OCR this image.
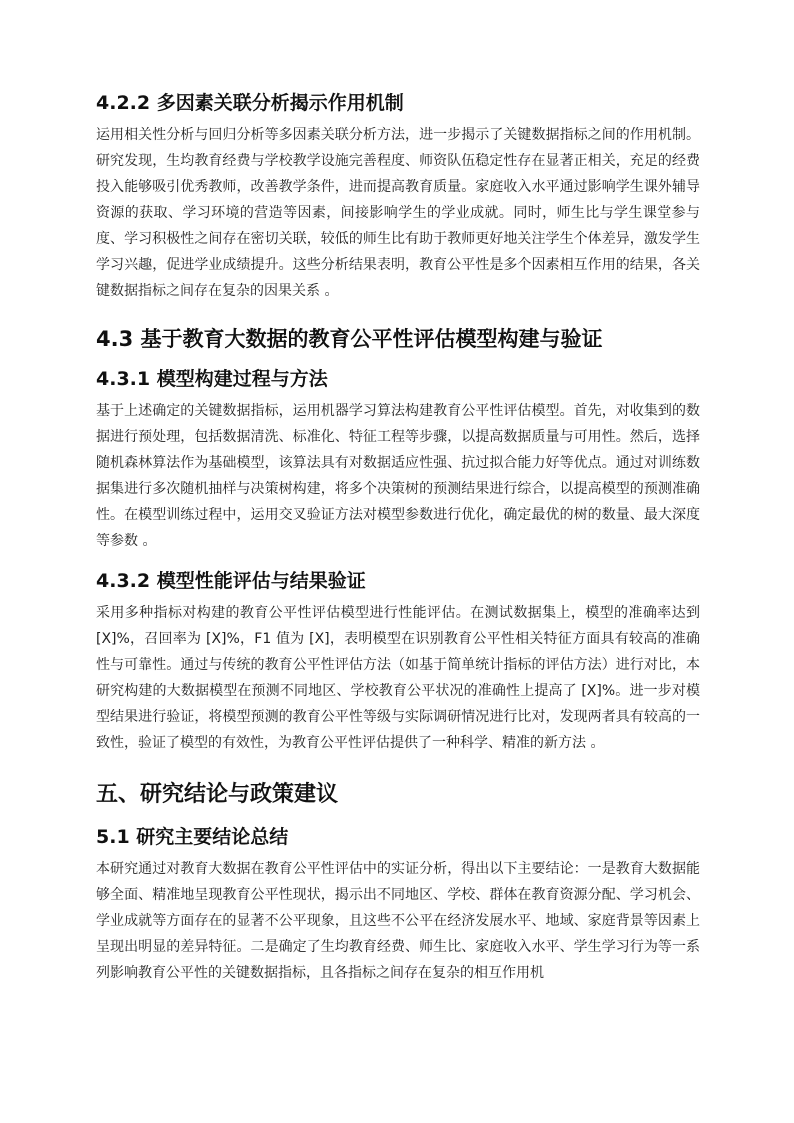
4.2.2 多因素关联分析揭示作用机制

运用相关性分析与回归分析等多因素关联分析方法，进一步揭示了关键数据指标之间的作用机制。研究发现，生均教育经费与学校教学设施完善程度、师资队伍稳定性存在显著正相关，充足的经费投入能够吸引优秀教师，改善教学条件，进而提高教育质量。家庭收入水平通过影响学生课外辅导资源的获取、学习环境的营造等因素，间接影响学生的学业成就。同时，师生比与学生课堂参与度、学习积极性之间存在密切关联，较低的师生比有助于教师更好地关注学生个体差异，激发学生学习兴趣，促进学业成绩提升。这些分析结果表明，教育公平性是多个因素相互作用的结果，各关键数据指标之间存在复杂的因果关系 。

4.3 基于教育大数据的教育公平性评估模型构建与验证
4.3.1 模型构建过程与方法

基于上述确定的关键数据指标，运用机器学习算法构建教育公平性评估模型。首先，对收集到的数据进行预处理，包括数据清洗、标准化、特征工程等步骤，以提高数据质量与可用性。然后，选择随机森林算法作为基础模型，该算法具有对数据适应性强、抗过拟合能力好等优点。通过对训练数据集进行多次随机抽样与决策树构建，将多个决策树的预测结果进行综合，以提高模型的预测准确性。在模型训练过程中，运用交叉验证方法对模型参数进行优化，确定最优的树的数量、最大深度等参数 。

4.3.2 模型性能评估与结果验证

采用多种指标对构建的教育公平性评估模型进行性能评估。在测试数据集上，模型的准确率达到 [X]%，召回率为 [X]%，F1 值为 [X]，表明模型在识别教育公平性相关特征方面具有较高的准确性与可靠性。通过与传统的教育公平性评估方法（如基于简单统计指标的评估方法）进行对比，本研究构建的大数据模型在预测不同地区、学校教育公平状况的准确性上提高了 [X]%。进一步对模型结果进行验证，将模型预测的教育公平性等级与实际调研情况进行比对，发现两者具有较高的一致性，验证了模型的有效性，为教育公平性评估提供了一种科学、精准的新方法 。

五、研究结论与政策建议
5.1 研究主要结论总结

本研究通过对教育大数据在教育公平性评估中的实证分析，得出以下主要结论：一是教育大数据能够全面、精准地呈现教育公平性现状，揭示出不同地区、学校、群体在教育资源分配、学习机会、学业成就等方面存在的显著不公平现象，且这些不公平在经济发展水平、地域、家庭背景等因素上呈现出明显的差异特征。二是确定了生均教育经费、师生比、家庭收入水平、学生学习行为等一系列影响教育公平性的关键数据指标，且各指标之间存在复杂的相互作用机
